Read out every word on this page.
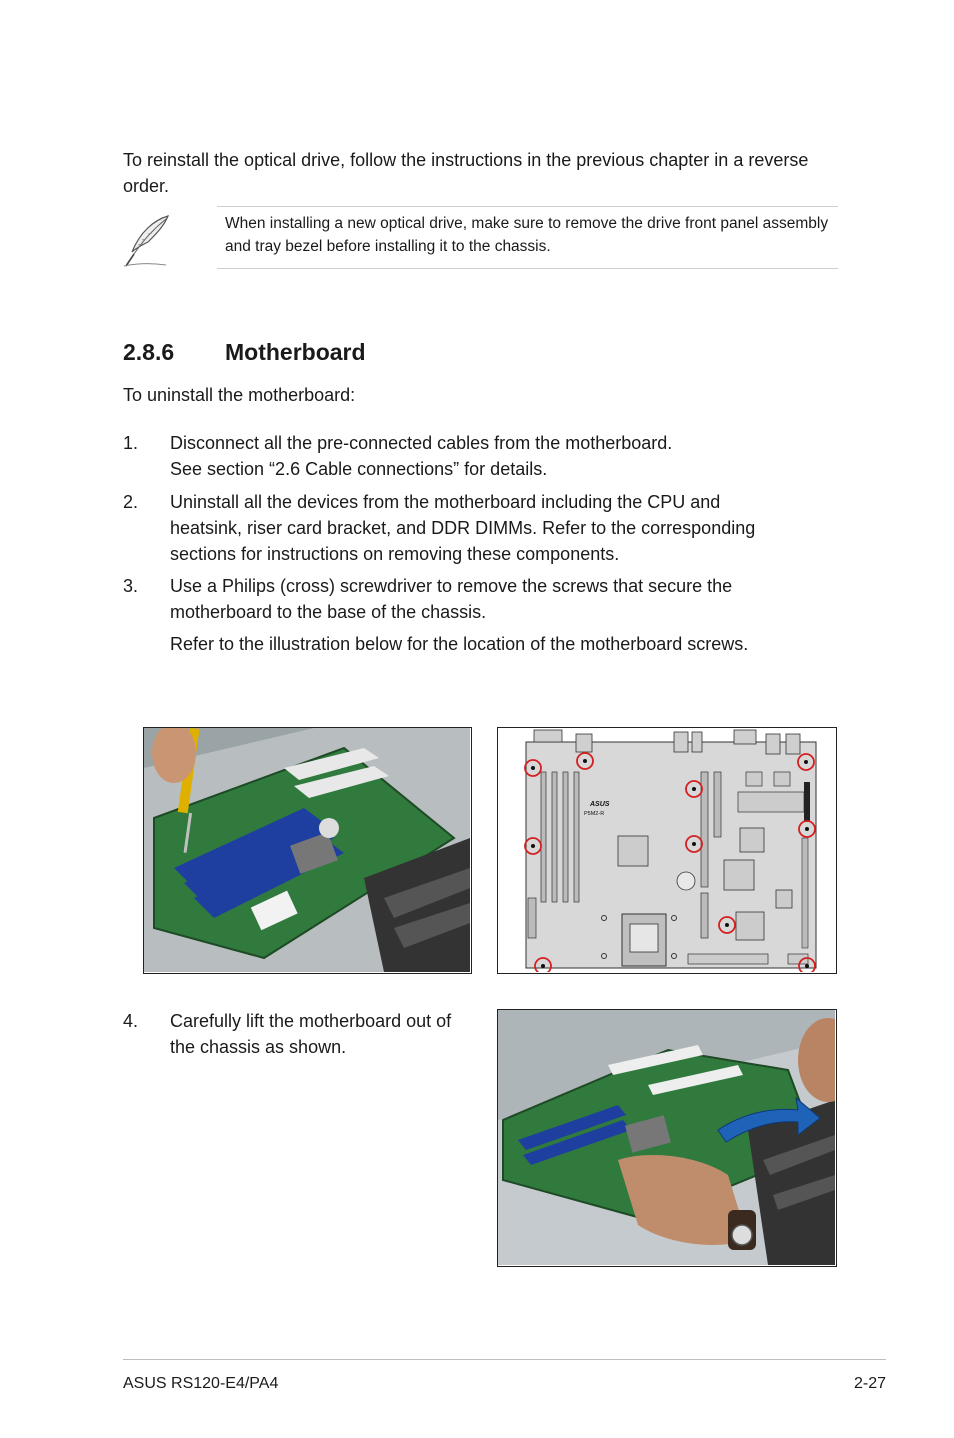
To reinstall the optical drive, follow the instructions in the previous chapter in a reverse order.
When installing a new optical drive, make sure to remove the drive front panel assembly and tray bezel before installing it to the chassis.
2.8.6 Motherboard
To uninstall the motherboard:
1. Disconnect all the pre-connected cables from the motherboard.
See section “2.6 Cable connections” for details.
2. Uninstall all the devices from the motherboard including the CPU and
heatsink, riser card bracket, and DDR DIMMs. Refer to the corresponding
sections for instructions on removing these components.
3. Use a Philips (cross) screwdriver to remove the screws that secure the
motherboard to the base of the chassis.
Refer to the illustration below for the location of the motherboard screws.
ASUS
P5M2-R
4. Carefully lift the motherboard out of
the chassis as shown.
ASUS RS120-E4/PA4	2-27
